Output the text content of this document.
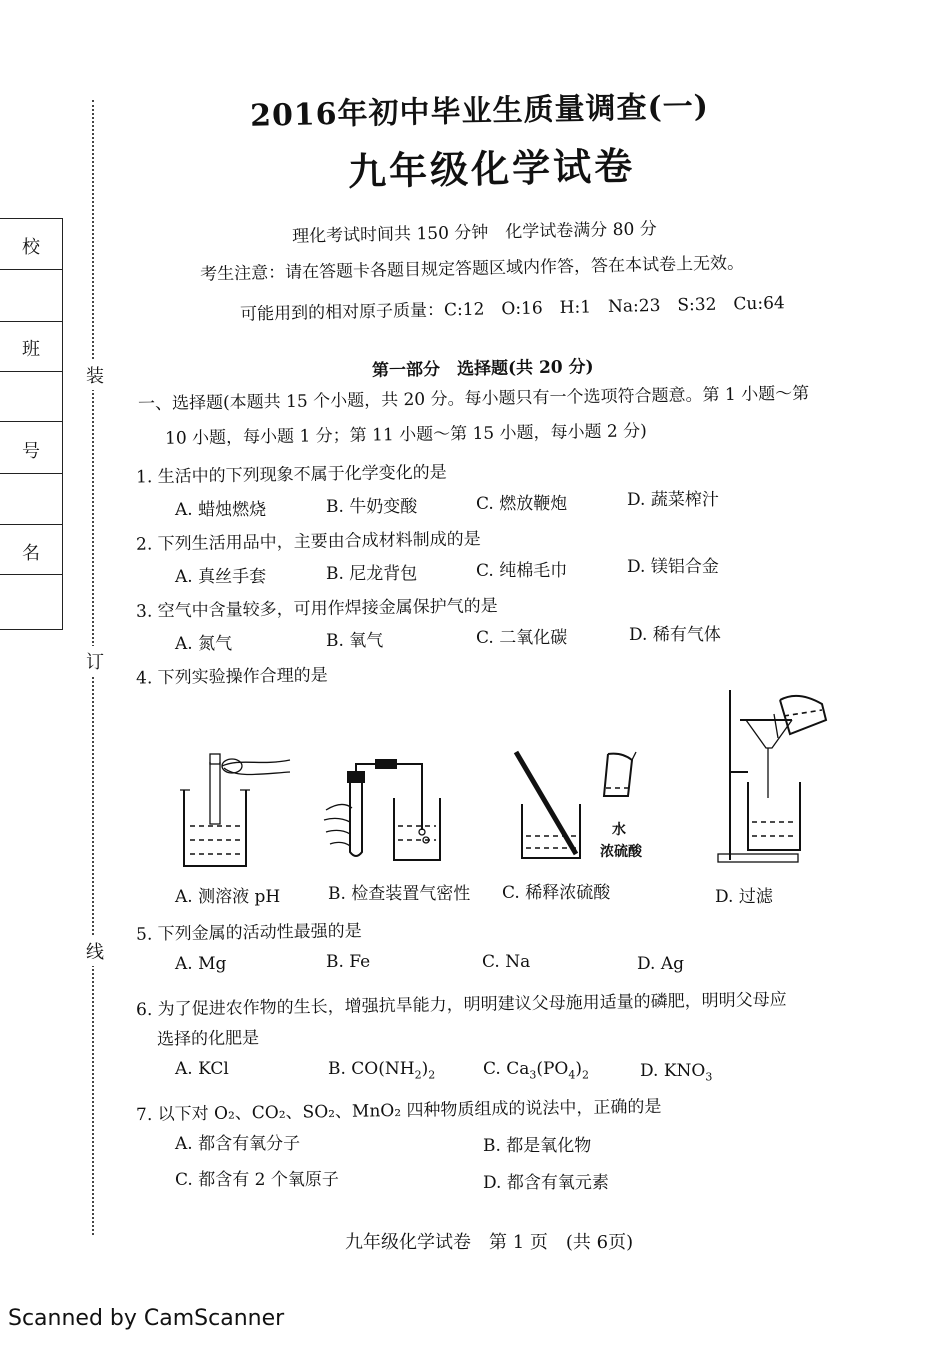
装
订
线
校
班
号
名
2016年初中毕业生质量调查(一)
九年级化学试卷
理化考试时间共 150 分钟　化学试卷满分 80 分
考生注意：请在答题卡各题目规定答题区域内作答，答在本试卷上无效。
可能用到的相对原子质量：C:12　O:16　H:1　Na:23　S:32　Cu:64
第一部分　选择题(共 20 分)
一、选择题(本题共 15 个小题，共 20 分。每小题只有一个选项符合题意。第 1 小题～第
10 小题，每小题 1 分；第 11 小题～第 15 小题，每小题 2 分)
1. 生活中的下列现象不属于化学变化的是
A. 蜡烛燃烧	B. 牛奶变酸	C. 燃放鞭炮	D. 蔬菜榨汁
2. 下列生活用品中，主要由合成材料制成的是
A. 真丝手套	B. 尼龙背包	C. 纯棉毛巾	D. 镁铝合金
3. 空气中含量较多，可用作焊接金属保护气的是
A. 氮气	B. 氧气	C. 二氧化碳	D. 稀有气体
4. 下列实验操作合理的是
A. 测溶液 pH	B. 检查装置气密性
水
浓硫酸
C. 稀释浓硫酸	D. 过滤
5. 下列金属的活动性最强的是
A. Mg	B. Fe	C. Na	D. Ag
6. 为了促进农作物的生长，增强抗旱能力，明明建议父母施用适量的磷肥，明明父母应
选择的化肥是
A. KCl	B. $CO(NH_2)_2$	C. $Ca_3(PO_4)_2$	D. $KNO_3$
7. 以下对 O₂、CO₂、SO₂、MnO₂ 四种物质组成的说法中，正确的是
A. 都含有氧分子	B. 都是氧化物
C. 都含有 2 个氧原子	D. 都含有氧元素
九年级化学试卷　第 1 页　(共 6页)
Scanned by CamScanner
